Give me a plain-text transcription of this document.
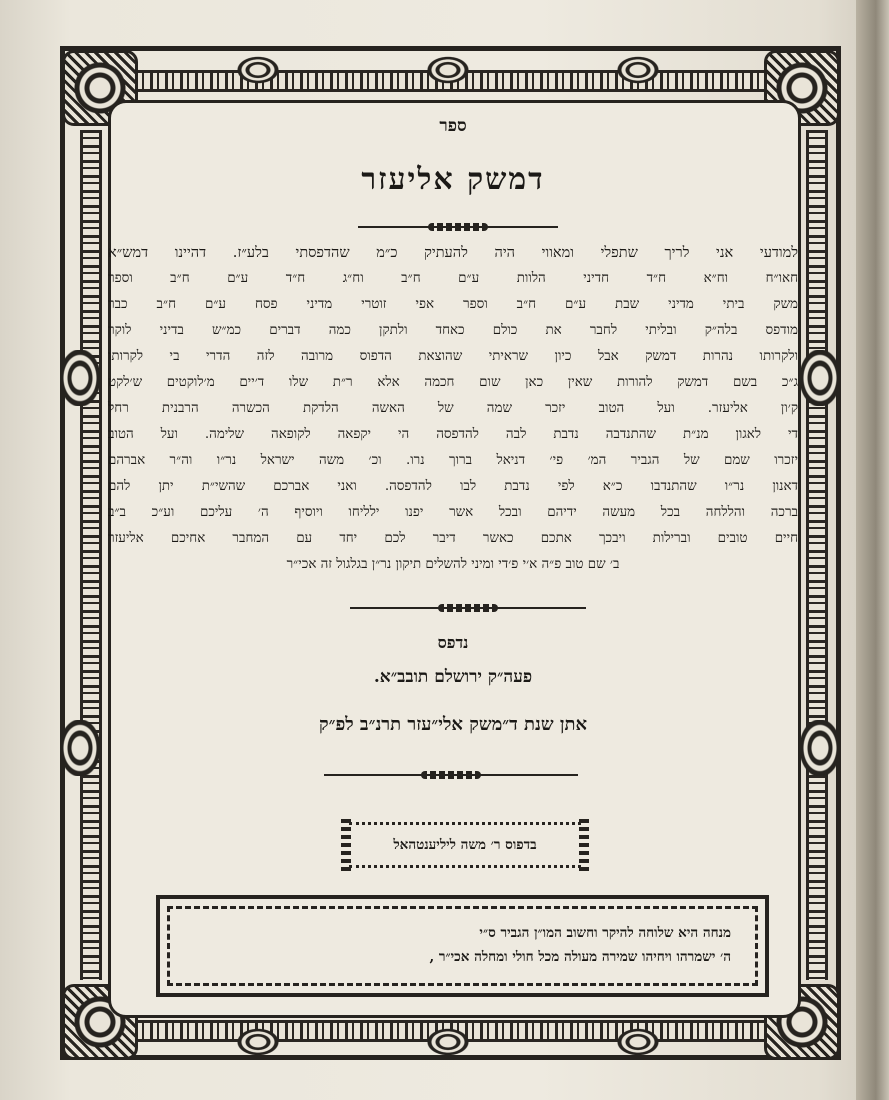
ספר
דמשק אליעזר
למודעי אני לריך שתפלי ומאווי היה להעתיק כ״מ שהדפסתי בלע״ז. דהיינו דמש״א
חאו״ח וח״א ח״ד חדיני הלוות ע״ם ח״ב וח״ג ח״ד ע״ם ח״ב וספר
משק ביתי מדיני שבת ע״ם ח״ב וספר אפי זוטרי מדיני פסח ע״ם ח״ב כבר
מודפס בלה״ק ובליתי לחבר את כולם כאחד ולתקן כמה דברים כמ״ש בדיני לוקר
ולקרותו נהרות דמשק אבל כיון שראיתי שהוצאת הדפוס מרובה לזה הדרי בי לקרותו
ג״כ בשם דמשק להורות שאין כאן שום חכמה אלא ר״ת שלו ד׳יים מ׳לוקטים ש׳לקט
ק׳ון אליעזר. ועל הטוב יזכר שמה של האשה הלדקת הכשרה הרבנית רחל
די לאגון מנ״ת שהתנדבה נדבת לבה להדפסה הי יקפאה לקופאה שלימה. ועל הטוב
יזכרו שמם של הגביר המ׳ פי׳ דניאל ברוך נרו. וכ׳ משה ישראל נר״ו וה״ר אברהם
דאנון נר״ו שהתנדבו כ״א לפי נדבת לבו להדפסה. ואני אברכם שהשי״ת יתן להם
ברכה והללחה בכל מעשה ידיהם ובכל אשר יפנו ילליחו ויוסיף ה׳ עליכם וע״כ ב״ב
חיים טובים וברילות ויבכך אתכם כאשר דיבר לכם יחד עם המחבר אחיכם אליעזר
ב׳ שם טוב פ״ה א׳י פ׳די ומיני להשלים תיקון נר״ן בגלגול זה אכי״ר
נדפס
פעה״ק ירושלם תובב״א.
אתן שנת ד״משק אלי״עזר תרנ״ב לפ״ק
בדפוס ר׳ משה ליליענטהאל
מנחה היא שלוחה להיקר וחשוב המו״ן הגביר ס״י
ה׳ ישמרהו ויחיהו שמירה מעולה מכל חולי ומחלה אכי״ר ,
